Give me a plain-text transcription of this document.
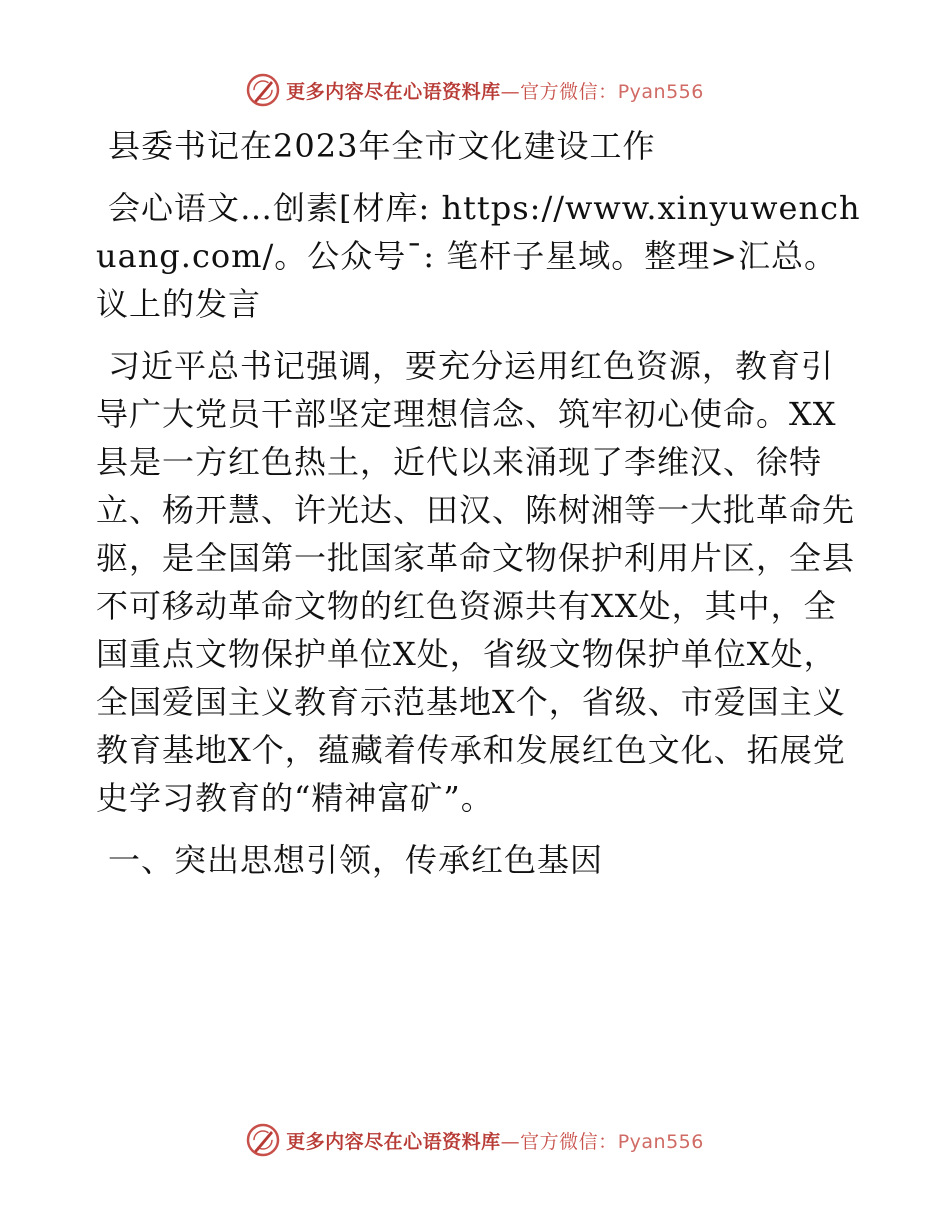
更多内容尽在心语资料库—官方微信：Pyan556

县委书记在2023年全市文化建设工作

会心语文…创素[材库: https://www.xinyuwenchuang.com/。公众号¯: 笔杆子星域。整理>汇总。议上的发言

习近平总书记强调，要充分运用红色资源，教育引导广大党员干部坚定理想信念、筑牢初心使命。XX县是一方红色热土，近代以来涌现了李维汉、徐特立、杨开慧、许光达、田汉、陈树湘等一大批革命先驱，是全国第一批国家革命文物保护利用片区，全县不可移动革命文物的红色资源共有XX处，其中，全国重点文物保护单位X处，省级文物保护单位X处，全国爱国主义教育示范基地X个，省级、市爱国主义教育基地X个，蕴藏着传承和发展红色文化、拓展党史学习教育的“精神富矿”。

一、突出思想引领，传承红色基因

更多内容尽在心语资料库—官方微信：Pyan556
